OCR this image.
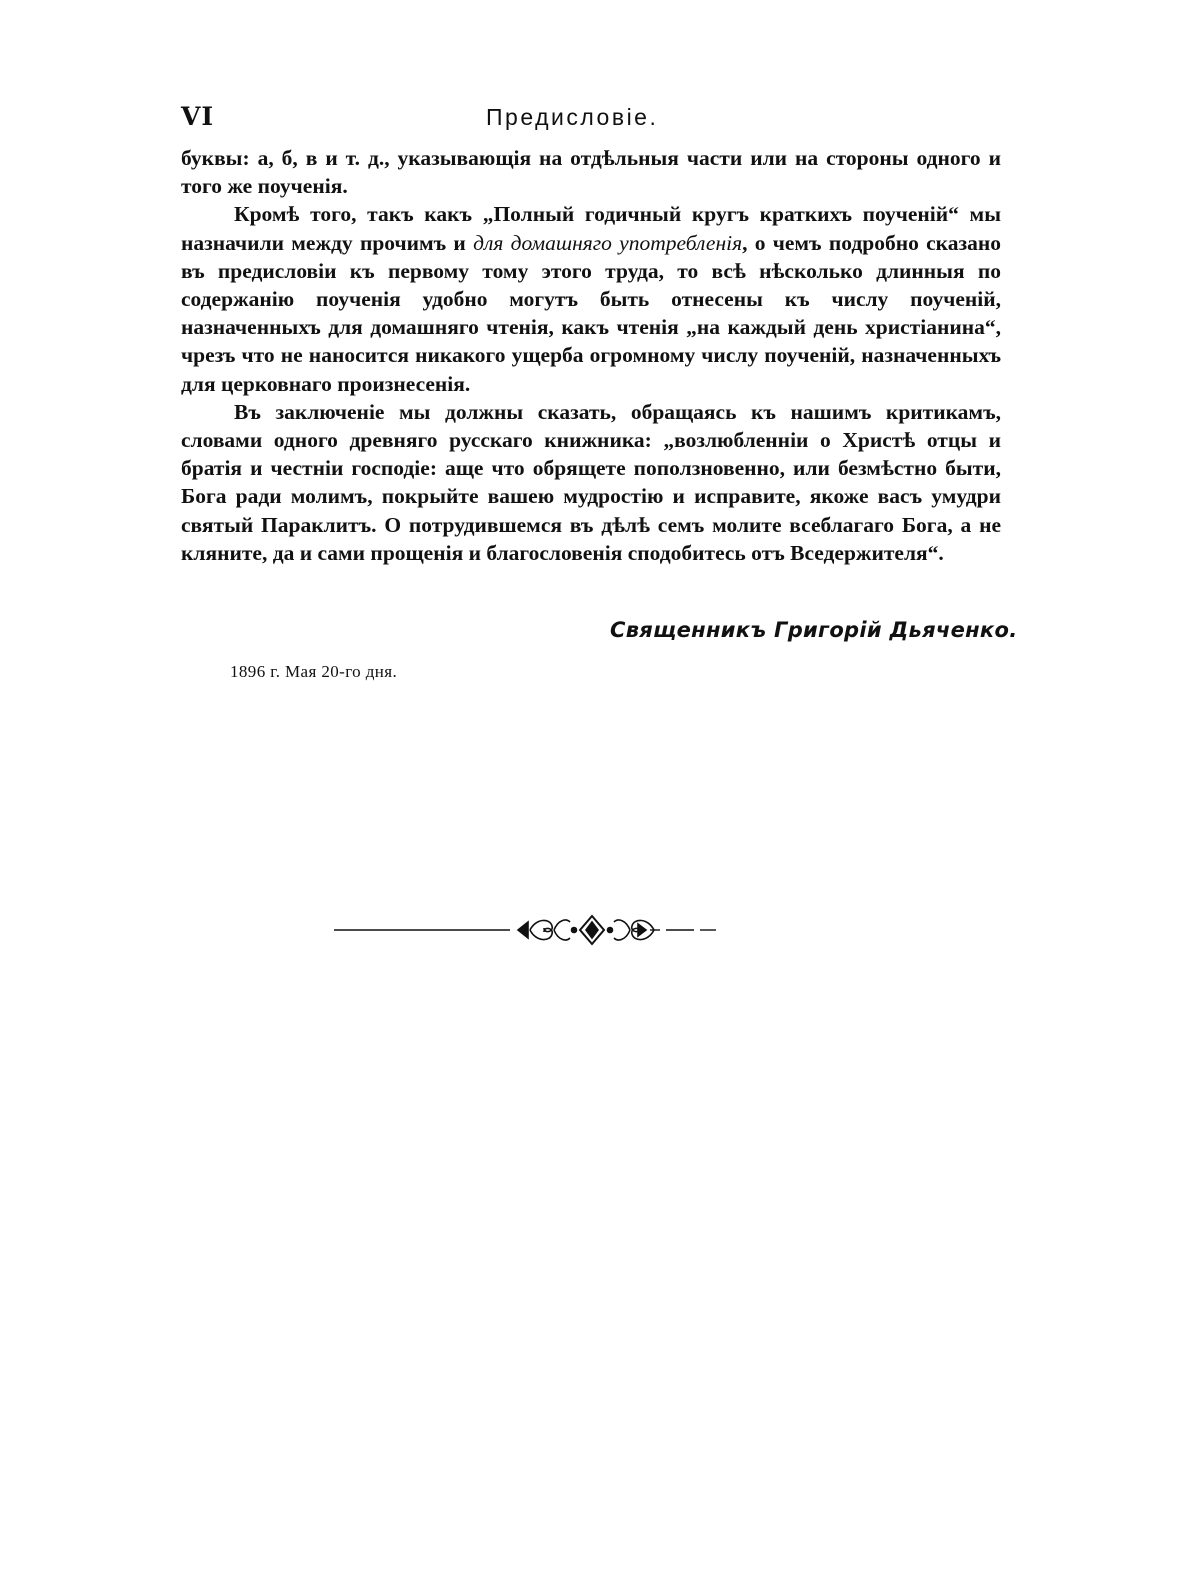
VI	Предисловіе.

буквы: а, б, в и т. д., указывающія на отдѣльныя части или на стороны одного и того же поученія.

Кромѣ того, такъ какъ „Полный годичный кругъ краткихъ поученій“ мы назначили между прочимъ и для домашняго употребленія, о чемъ подробно сказано въ предисловіи къ первому тому этого труда, то всѣ нѣсколько длинныя по содержанію поученія удобно могутъ быть отнесены къ числу поученій, назначенныхъ для домашняго чтенія, какъ чтенія „на каждый день христіанина“, чрезъ что не наносится никакого ущерба огромному числу поученій, назначенныхъ для церковнаго произнесенія.

Въ заключеніе мы должны сказать, обращаясь къ нашимъ критикамъ, словами одного древняго русскаго книжника: „возлюбленніи о Христѣ отцы и братія и честніи господіе: аще что обрящете поползновенно, или безмѣстно быти, Бога ради молимъ, покрыйте вашею мудростію и исправите, якоже васъ умудри святый Параклитъ. О потрудившемся въ дѣлѣ семъ молите всеблагаго Бога, а не кляните, да и сами прощенія и благословенія сподобитесь отъ Вседержителя“.

Священникъ Григорій Дьяченко.
1896 г. Мая 20-го дня.
